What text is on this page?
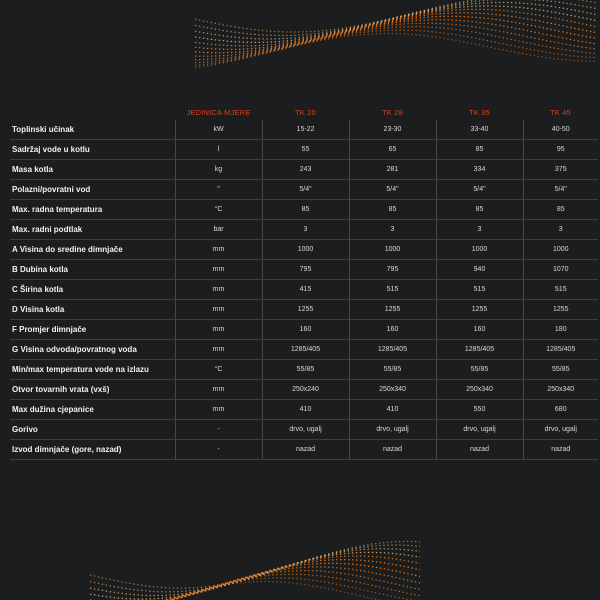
	JEDINICA MJERE	TK 20	TK 28	TK 35	TK 45
Toplinski učinak	kW	15-22	23-30	33-40	40-50
Sadržaj vode u kotlu	l	55	65	85	95
Masa kotla	kg	243	281	334	375
Polazni/povratni vod	"	5/4"	5/4"	5/4"	5/4"
Max. radna temperatura	°C	85	85	85	85
Max. radni podtlak	bar	3	3	3	3
A Visina do sredine dimnjače	mm	1000	1000	1000	1000
B Dubina kotla	mm	795	795	940	1070
C Širina kotla	mm	415	515	515	515
D Visina kotla	mm	1255	1255	1255	1255
F Promjer dimnjače	mm	160	160	160	180
G Visina odvoda/povratnog voda	mm	1285/405	1285/405	1285/405	1285/405
Min/max temperatura vode na izlazu	°C	55/85	55/85	55/85	55/85
Otvor tovarnih vrata (vxš)	mm	250x240	250x340	250x340	250x340
Max dužina cjepanice	mm	410	410	550	680
Gorivo	-	drvo, ugalj	drvo, ugalj	drvo, ugalj	drvo, ugalj
Izvod dimnjače (gore, nazad)	-	nazad	nazad	nazad	nazad
